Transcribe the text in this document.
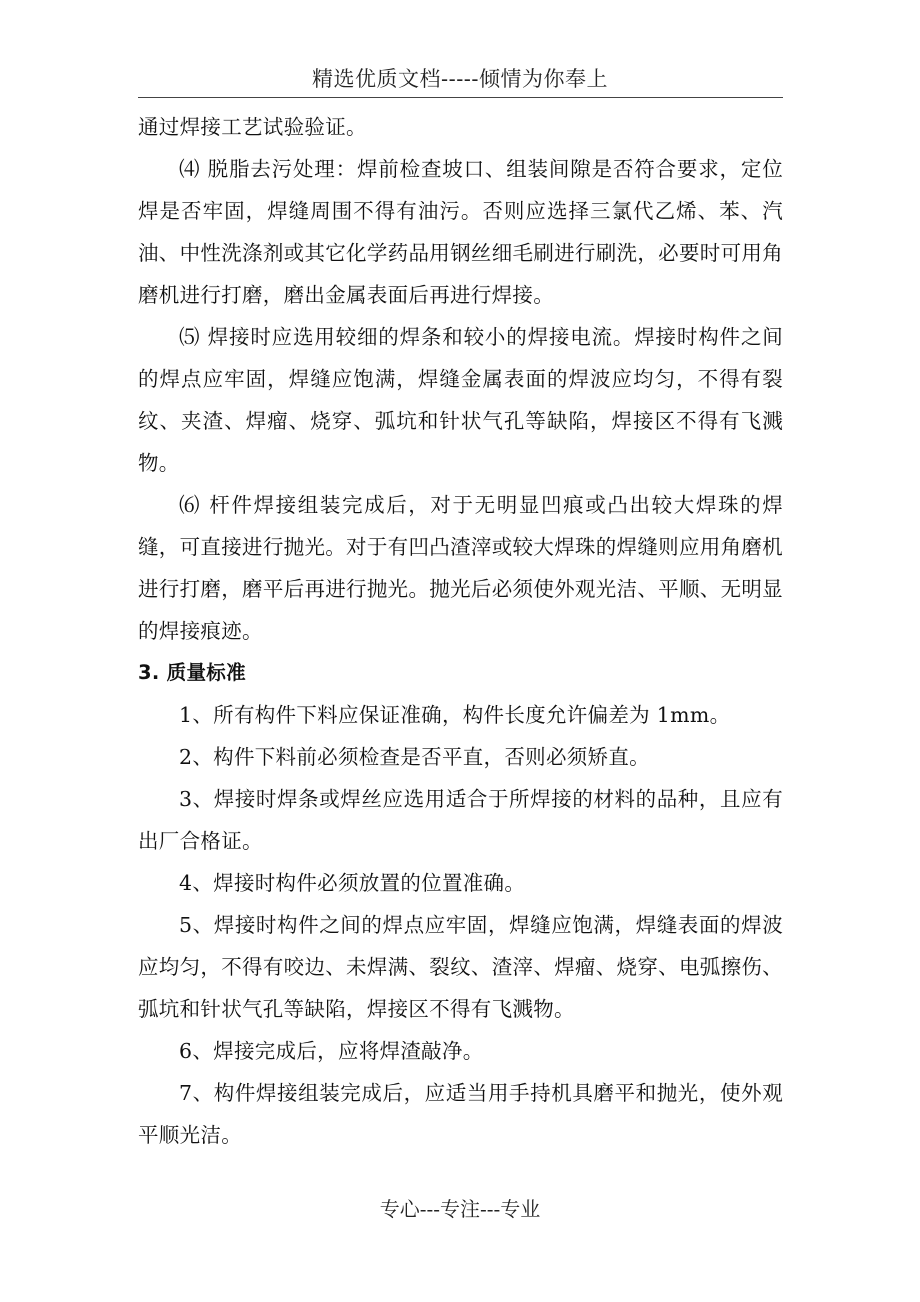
精选优质文档-----倾情为你奉上

通过焊接工艺试验验证。

⑷ 脱脂去污处理：焊前检查坡口、组装间隙是否符合要求，定位焊是否牢固，焊缝周围不得有油污。否则应选择三氯代乙烯、苯、汽油、中性洗涤剂或其它化学药品用钢丝细毛刷进行刷洗，必要时可用角磨机进行打磨，磨出金属表面后再进行焊接。

⑸ 焊接时应选用较细的焊条和较小的焊接电流。焊接时构件之间的焊点应牢固，焊缝应饱满，焊缝金属表面的焊波应均匀，不得有裂纹、夹渣、焊瘤、烧穿、弧坑和针状气孔等缺陷，焊接区不得有飞溅物。

⑹ 杆件焊接组装完成后，对于无明显凹痕或凸出较大焊珠的焊缝，可直接进行抛光。对于有凹凸渣滓或较大焊珠的焊缝则应用角磨机进行打磨，磨平后再进行抛光。抛光后必须使外观光洁、平顺、无明显的焊接痕迹。

3. 质量标准

1、所有构件下料应保证准确，构件长度允许偏差为 1mm。

2、构件下料前必须检查是否平直，否则必须矫直。

3、焊接时焊条或焊丝应选用适合于所焊接的材料的品种，且应有出厂合格证。

4、焊接时构件必须放置的位置准确。

5、焊接时构件之间的焊点应牢固，焊缝应饱满，焊缝表面的焊波应均匀，不得有咬边、未焊满、裂纹、渣滓、焊瘤、烧穿、电弧擦伤、弧坑和针状气孔等缺陷，焊接区不得有飞溅物。

6、焊接完成后，应将焊渣敲净。

7、构件焊接组装完成后，应适当用手持机具磨平和抛光，使外观平顺光洁。

专心---专注---专业
